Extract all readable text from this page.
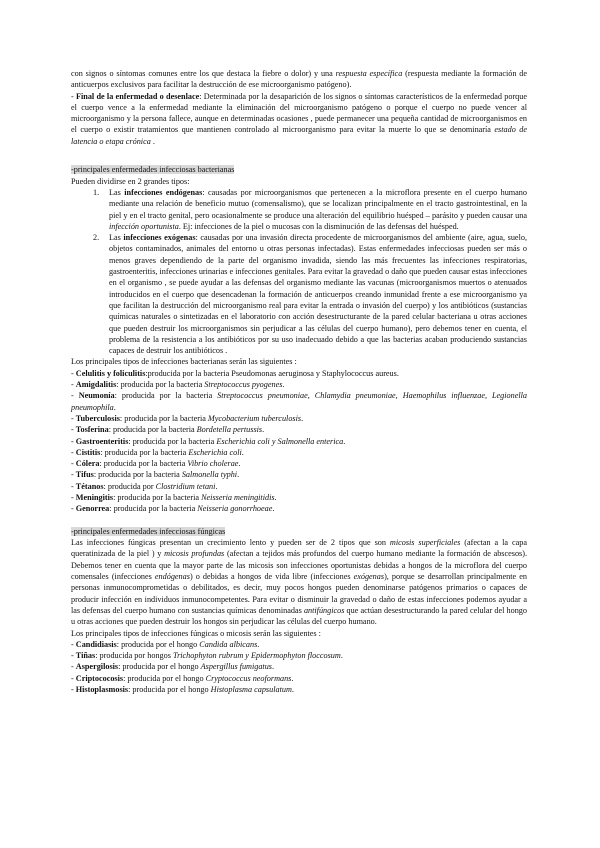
con signos o síntomas comunes entre los que destaca la fiebre o dolor) y una respuesta específica (respuesta mediante la formación de anticuerpos exclusivos para facilitar la destrucción de ese microorganismo patógeno).

- Final de la enfermedad o desenlace: Determinada por la desaparición de los signos o síntomas característicos de la enfermedad porque el cuerpo vence a la enfermedad mediante la eliminación del microorganismo patógeno o porque el cuerpo no puede vencer al microorganismo y la persona fallece, aunque en determinadas ocasiones , puede permanecer una pequeña cantidad de microorganismos en el cuerpo o existir tratamientos que mantienen controlado al microorganismo para evitar la muerte lo que se denominaría estado de latencia o etapa crónica .

-principales enfermedades infecciosas bacterianas

Pueden dividirse en 2 grandes tipos:

1. Las infecciones endógenas: causadas por microorganismos que pertenecen a la microflora presente en el cuerpo humano mediante una relación de beneficio mutuo (comensalismo), que se localizan principalmente en el tracto gastrointestinal, en la piel y en el tracto genital, pero ocasionalmente se produce una alteración del equilibrio huésped – parásito y pueden causar una infección oportunista. Ej: infecciones de la piel o mucosas con la disminución de las defensas del huésped.
2. Las infecciones exógenas: causadas por una invasión directa procedente de microorganismos del ambiente (aire, agua, suelo, objetos contaminados, animales del entorno u otras personas infectadas). Estas enfermedades infecciosas pueden ser más o menos graves dependiendo de la parte del organismo invadida, siendo las más frecuentes las infecciones respiratorias, gastroenteritis, infecciones urinarias e infecciones genitales. Para evitar la gravedad o daño que pueden causar estas infecciones en el organismo , se puede ayudar a las defensas del organismo mediante las vacunas (microorganismos muertos o atenuados introducidos en el cuerpo que desencadenan la formación de anticuerpos creando inmunidad frente a ese microorganismo ya que facilitan la destrucción del microorganismo real para evitar la entrada o invasión del cuerpo) y los antibióticos (sustancias químicas naturales o sintetizadas en el laboratorio con acción desestructurante de la pared celular bacteriana u otras acciones que pueden destruir los microorganismos sin perjudicar a las células del cuerpo humano), pero debemos tener en cuenta, el problema de la resistencia a los antibióticos por su uso inadecuado debido a que las bacterias acaban produciendo sustancias capaces de destruir los antibióticos .

Los principales tipos de infecciones bacterianas serán las siguientes :

- Celulitis y foliculitis:producida por la bacteria Pseudomonas aeruginosa y Staphylococcus aureus.
- Amigdalitis: producida por la bacteria Streptococcus pyogenes.
- Neumonía: producida por la bacteria Streptococcus pneumoniae, Chlamydia pneumoniae, Haemophilus influenzae, Legionella pneumophila.
- Tuberculosis: producida por la bacteria Mycobacterium tuberculosis.
- Tosferina: producida por la bacteria Bordetella pertussis.
- Gastroenteritis: producida por la bacteria Escherichia coli y Salmonella enterica.
- Cistitis: producida por la bacteria Escherichia coli.
- Cólera: producida por la bacteria Vibrio cholerae.
- Tifus: producida por la bacteria Salmonella typhi.
- Tétanos: producida por Clostridium tetani.
- Meningitis: producida por la bacteria Neisseria meningitidis.
- Genorrea: producida por la bacteria Neisseria gonorrhoeae.

-principales enfermedades infecciosas fúngicas

Las infecciones fúngicas presentan un crecimiento lento y pueden ser de 2 tipos que son micosis superficiales (afectan a la capa queratinizada de la piel ) y micosis profundas (afectan a tejidos más profundos del cuerpo humano mediante la formación de abscesos). Debemos tener en cuenta que la mayor parte de las micosis son infecciones oportunistas debidas a hongos de la microflora del cuerpo comensales (infecciones endógenas) o debidas a hongos de vida libre (infecciones exógenas), porque se desarrollan principalmente en personas inmunocomprometidas o debilitados, es decir, muy pocos hongos pueden denominarse patógenos primarios o capaces de producir infección en individuos inmunocompetentes. Para evitar o disminuir la gravedad o daño de estas infecciones podemos ayudar a las defensas del cuerpo humano con sustancias químicas denominadas antifúngicos que actúan desestructurando la pared celular del hongo u otras acciones que pueden destruir los hongos sin perjudicar las células del cuerpo humano.

Los principales tipos de infecciones fúngicas o micosis serán las siguientes :

- Candidiasis: producida por el hongo Candida albicans.
- Tiñas: producida por hongos Trichophyton rubrum y Epidermophyton floccosum.
- Aspergilosis: producida por el hongo Aspergillus fumigatus.
- Criptococosis: producida por el hongo Cryptococcus neoformans.
- Histoplasmosis: producida por el hongo Histoplasma capsulatum.
